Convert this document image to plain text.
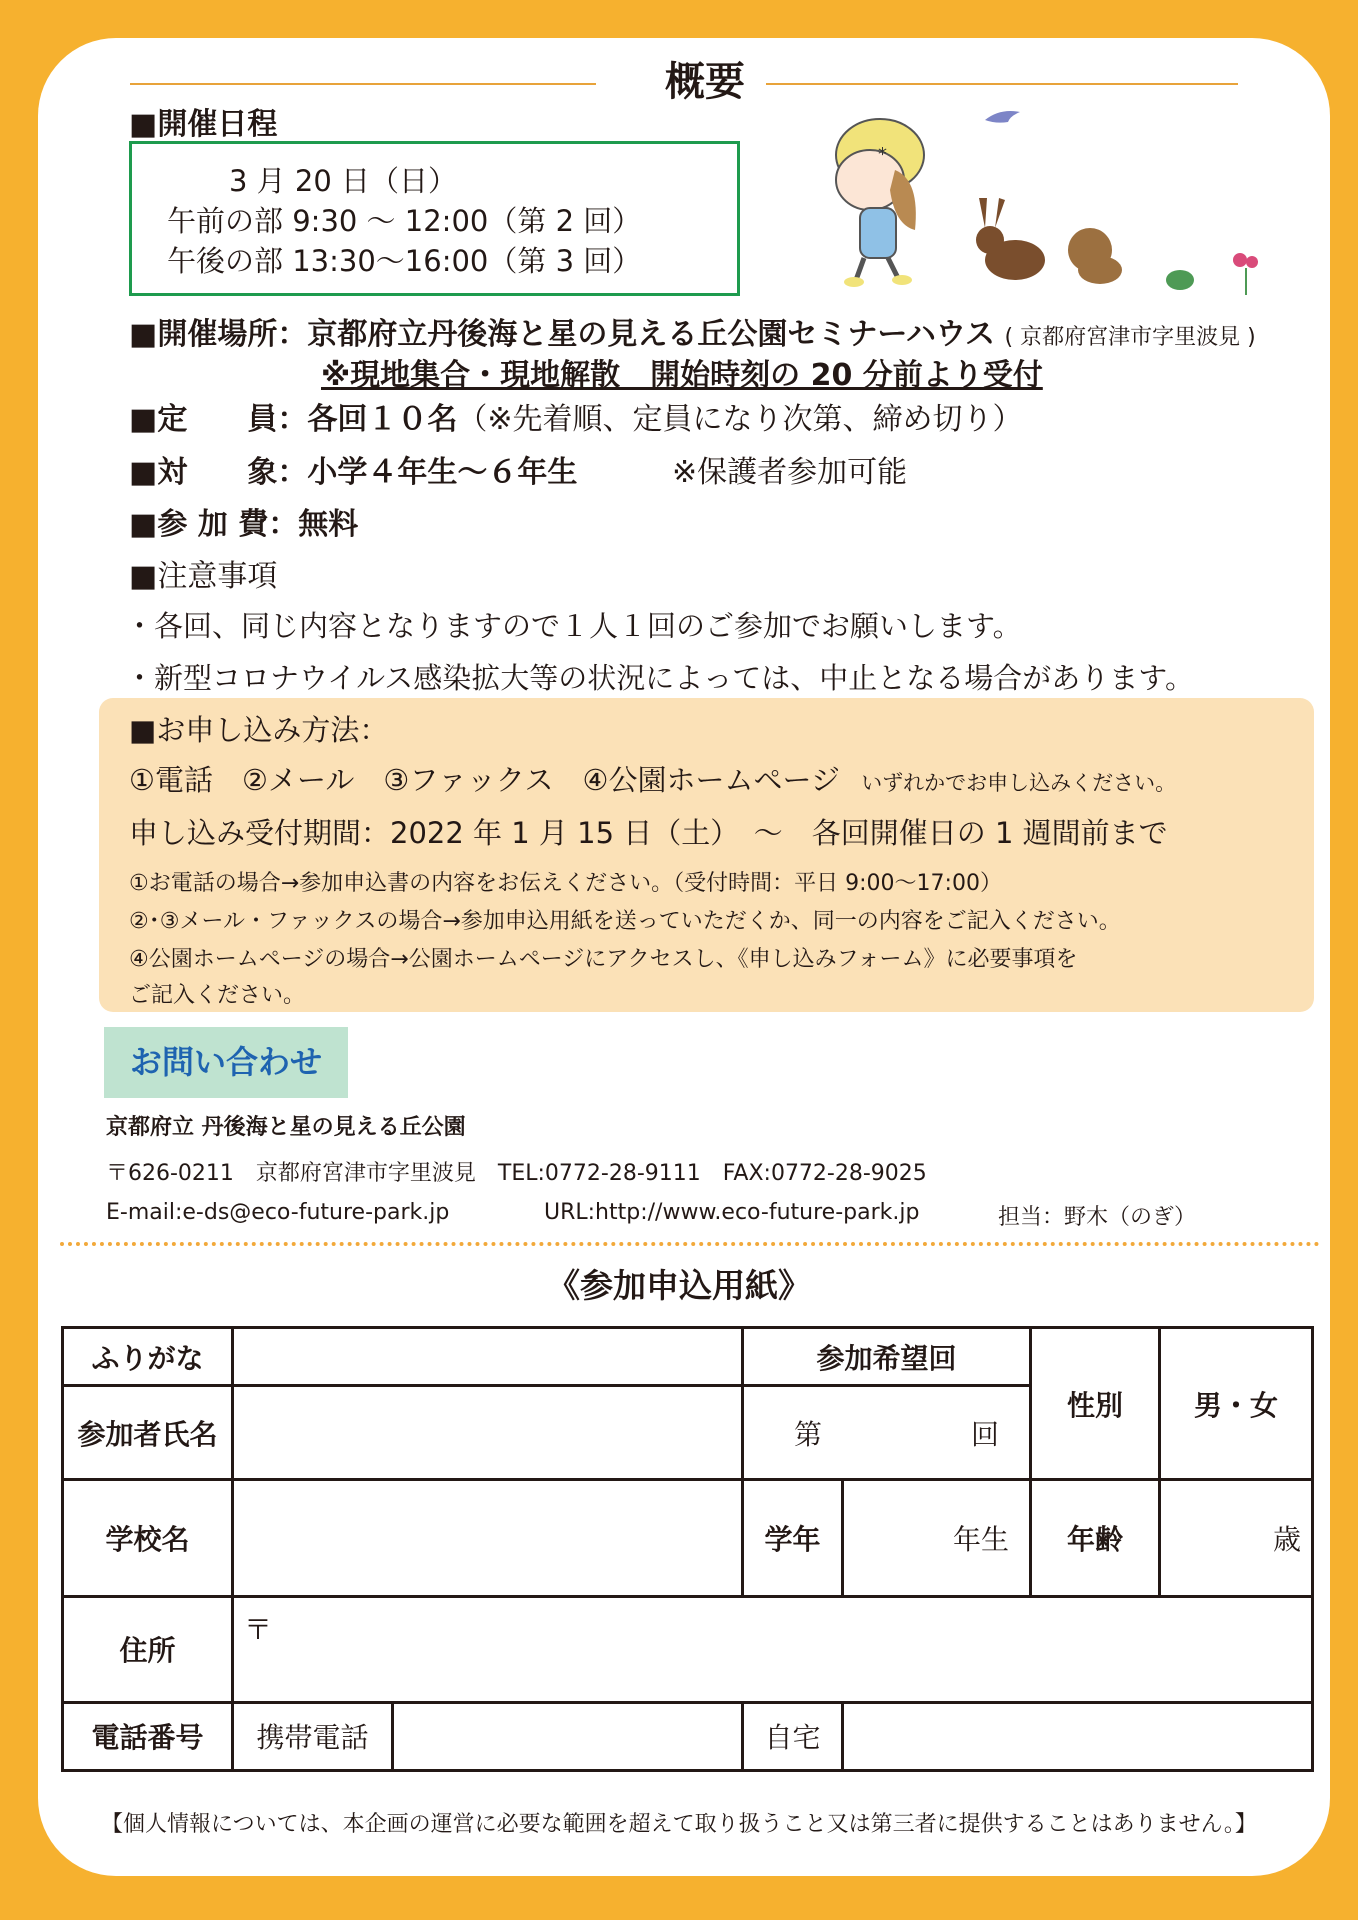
概要
■開催日程
3 月 20 日（日）
午前の部 9:30 ～ 12:00（第 2 回）
午後の部 13:30～16:00（第 3 回）
*
■開催場所：京都府立丹後海と星の見える丘公園セミナーハウス ( 京都府宮津市字里波見 )
※現地集合・現地解散　開始時刻の 20 分前より受付
■定　　員：各回１０名（※先着順、定員になり次第、締め切り）
■対　　象：小学４年生～６年生	※保護者参加可能
■参 加 費：無料
■注意事項
・各回、同じ内容となりますので１人１回のご参加でお願いします。
・新型コロナウイルス感染拡大等の状況によっては、中止となる場合があります。
■お申し込み方法：
①電話　②メール　③ファックス　④公園ホームページ いずれかでお申し込みください。
申し込み受付期間：2022 年 1 月 15 日（土）　～　各回開催日の 1 週間前まで
①お電話の場合→参加申込書の内容をお伝えください。（受付時間：平日 9:00～17:00）
②･③メール・ファックスの場合→参加申込用紙を送っていただくか、同一の内容をご記入ください。
④公園ホームページの場合→公園ホームページにアクセスし、《申し込みフォーム》に必要事項を
ご記入ください。
お問い合わせ
京都府立 丹後海と星の見える丘公園
〒626-0211　京都府宮津市字里波見　TEL:0772-28-9111　FAX:0772-28-9025
E-mail:e-ds@eco-future-park.jp	URL:http://www.eco-future-park.jp	担当：野木（のぎ）
《参加申込用紙》
ふりがな			参加希望回		性別	男・女
参加者氏名			第 回			

学校名			学年	年生	年齢	歳
住所	〒					
電話番号	携帯電話		自宅			
【個人情報については、本企画の運営に必要な範囲を超えて取り扱うこと又は第三者に提供することはありません。】
